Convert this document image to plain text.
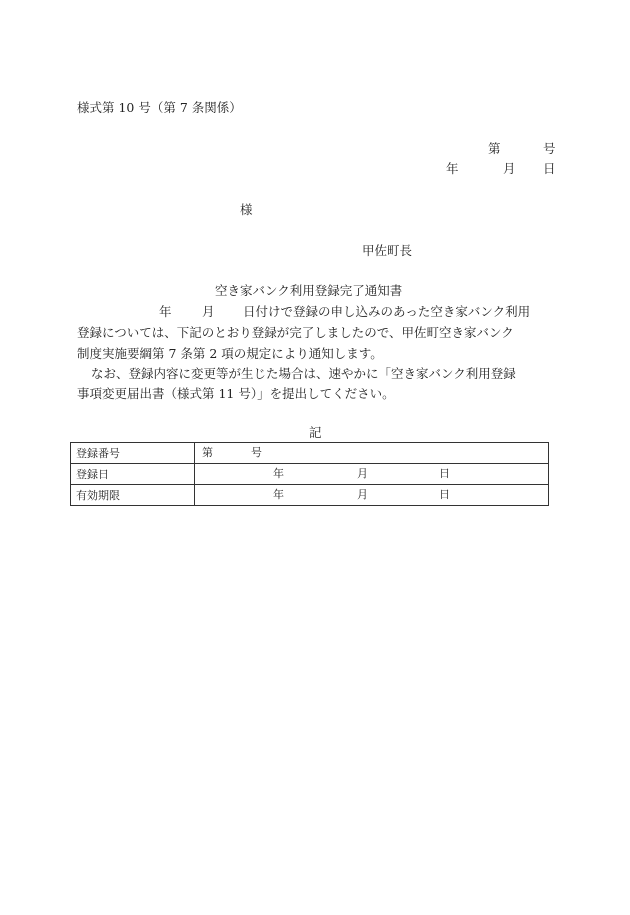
様式第 10 号（第 7 条関係）
第	号
年	月 日
様
甲佐町長
空き家バンク利用登録完了通知書
年 月 日付けで登録の申し込みのあった空き家バンク利用
登録については、下記のとおり登録が完了しましたので、甲佐町空き家バンク
制度実施要綱第 7 条第 2 項の規定により通知します。
なお、登録内容に変更等が生じた場合は、速やかに「空き家バンク利用登録
事項変更届出書（様式第 11 号）」を提出してください。
記
登録番号	第 号

登録日	年 月 日

有効期限	年 月 日
